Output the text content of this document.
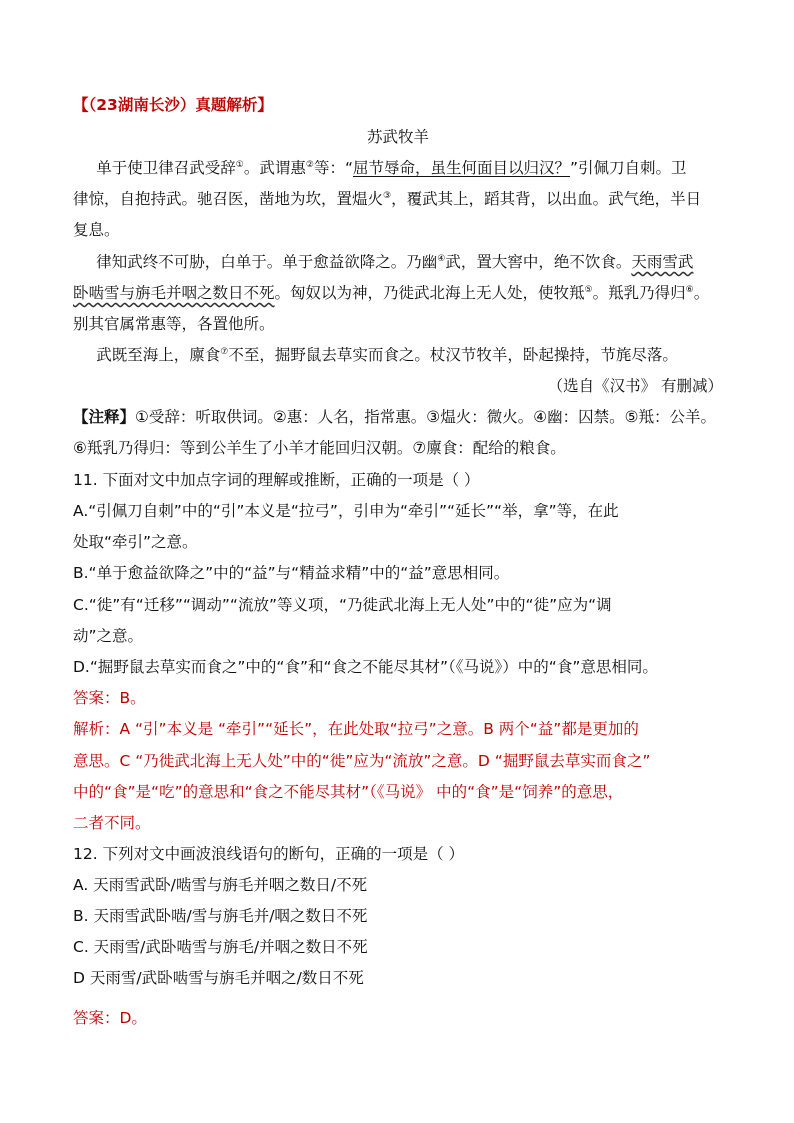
【（23湖南长沙）真题解析】
苏武牧羊
  单于使卫律召武受辞①。武谓惠②等：“屈节辱命，虽生何面目以归汉？”引佩刀自刺。卫
律惊，自抱持武。驰召医，凿地为坎，置煴火③，覆武其上，蹈其背，以出血。武气绝，半日
复息。
  律知武终不可胁，白单于。单于愈益欲降之。乃幽④武，置大窖中，绝不饮食。天雨雪武
卧啮雪与旃毛并咽之数日不死。匈奴以为神，乃徙武北海上无人处，使牧羝⑤。羝乳乃得归⑥。
别其官属常惠等，各置他所。
  武既至海上，廪食⑦不至，掘野鼠去草实而食之。杖汉节牧羊，卧起操持，节旄尽落。
（选自《汉书》 有删减）
【注释】①受辞：听取供词。②惠：人名，指常惠。③煴火：微火。④幽：囚禁。⑤羝：公羊。
⑥羝乳乃得归：等到公羊生了小羊才能回归汉朝。⑦廪食：配给的粮食。
11. 下面对文中加点字词的理解或推断，正确的一项是（ ）
A.“引佩刀自刺”中的“引”本义是“拉弓”，引申为“牵引”“延长”“举，拿”等，在此
处取“牵引”之意。
B.“单于愈益欲降之”中的“益”与“精益求精”中的“益”意思相同。
C.“徙”有“迁移”“调动”“流放”等义项，“乃徙武北海上无人处”中的“徙”应为“调
动”之意。
D.“掘野鼠去草实而食之”中的“食”和“食之不能尽其材”（《马说》）中的“食”意思相同。
答案：B。
解析：A “引”本义是 “牵引”“延长”，在此处取“拉弓”之意。B 两个“益”都是更加的
意思。C “乃徙武北海上无人处”中的“徙”应为“流放”之意。D “掘野鼠去草实而食之”
中的“食”是“吃”的意思和“食之不能尽其材”（《马说》 中的“食”是“饲养”的意思，
二者不同。
12. 下列对文中画波浪线语句的断句，正确的一项是（ ）
A. 天雨雪武卧/啮雪与旃毛并咽之数日/不死
B. 天雨雪武卧啮/雪与旃毛并/咽之数日不死
C. 天雨雪/武卧啮雪与旃毛/并咽之数日不死
D 天雨雪/武卧啮雪与旃毛并咽之/数日不死
答案：D。
